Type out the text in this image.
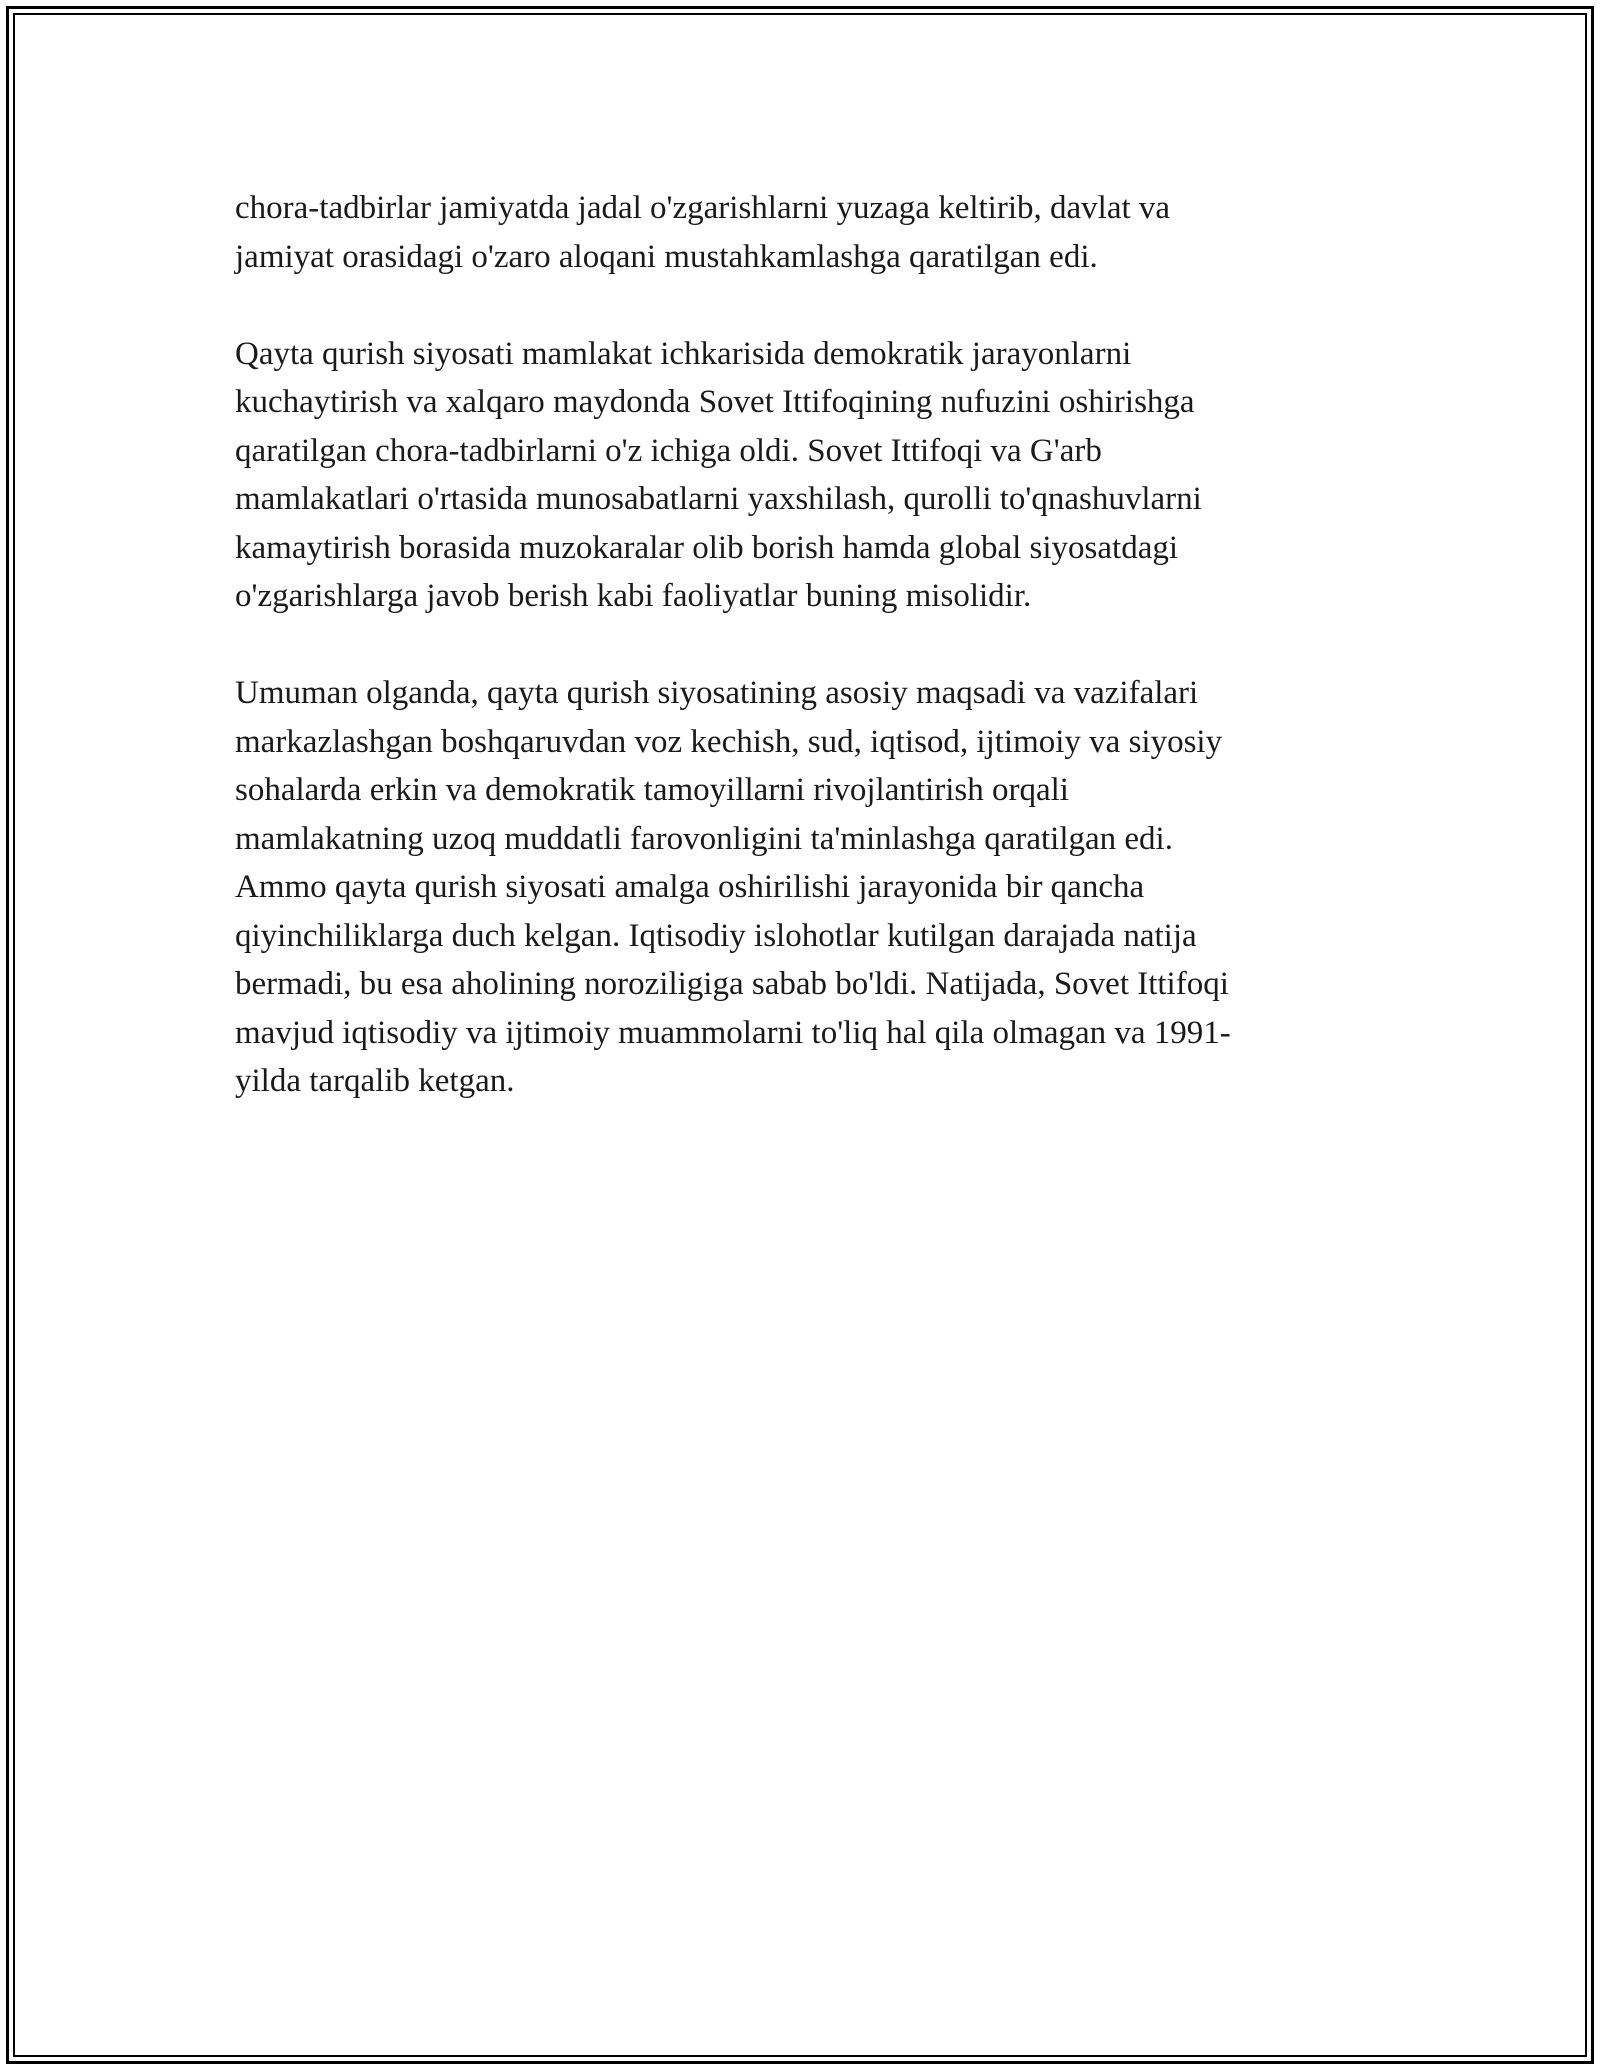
chora-tadbirlar jamiyatda jadal o'zgarishlarni yuzaga keltirib, davlat va
jamiyat orasidagi o'zaro aloqani mustahkamlashga qaratilgan edi.

Qayta qurish siyosati mamlakat ichkarisida demokratik jarayonlarni
kuchaytirish va xalqaro maydonda Sovet Ittifoqining nufuzini oshirishga
qaratilgan chora-tadbirlarni o'z ichiga oldi. Sovet Ittifoqi va G'arb
mamlakatlari o'rtasida munosabatlarni yaxshilash, qurolli to'qnashuvlarni
kamaytirish borasida muzokaralar olib borish hamda global siyosatdagi
o'zgarishlarga javob berish kabi faoliyatlar buning misolidir.

Umuman olganda, qayta qurish siyosatining asosiy maqsadi va vazifalari
markazlashgan boshqaruvdan voz kechish, sud, iqtisod, ijtimoiy va siyosiy
sohalarda erkin va demokratik tamoyillarni rivojlantirish orqali
mamlakatning uzoq muddatli farovonligini ta'minlashga qaratilgan edi.
Ammo qayta qurish siyosati amalga oshirilishi jarayonida bir qancha
qiyinchiliklarga duch kelgan. Iqtisodiy islohotlar kutilgan darajada natija
bermadi, bu esa aholining noroziligiga sabab bo'ldi. Natijada, Sovet Ittifoqi
mavjud iqtisodiy va ijtimoiy muammolarni to'liq hal qila olmagan va 1991-
yilda tarqalib ketgan.
